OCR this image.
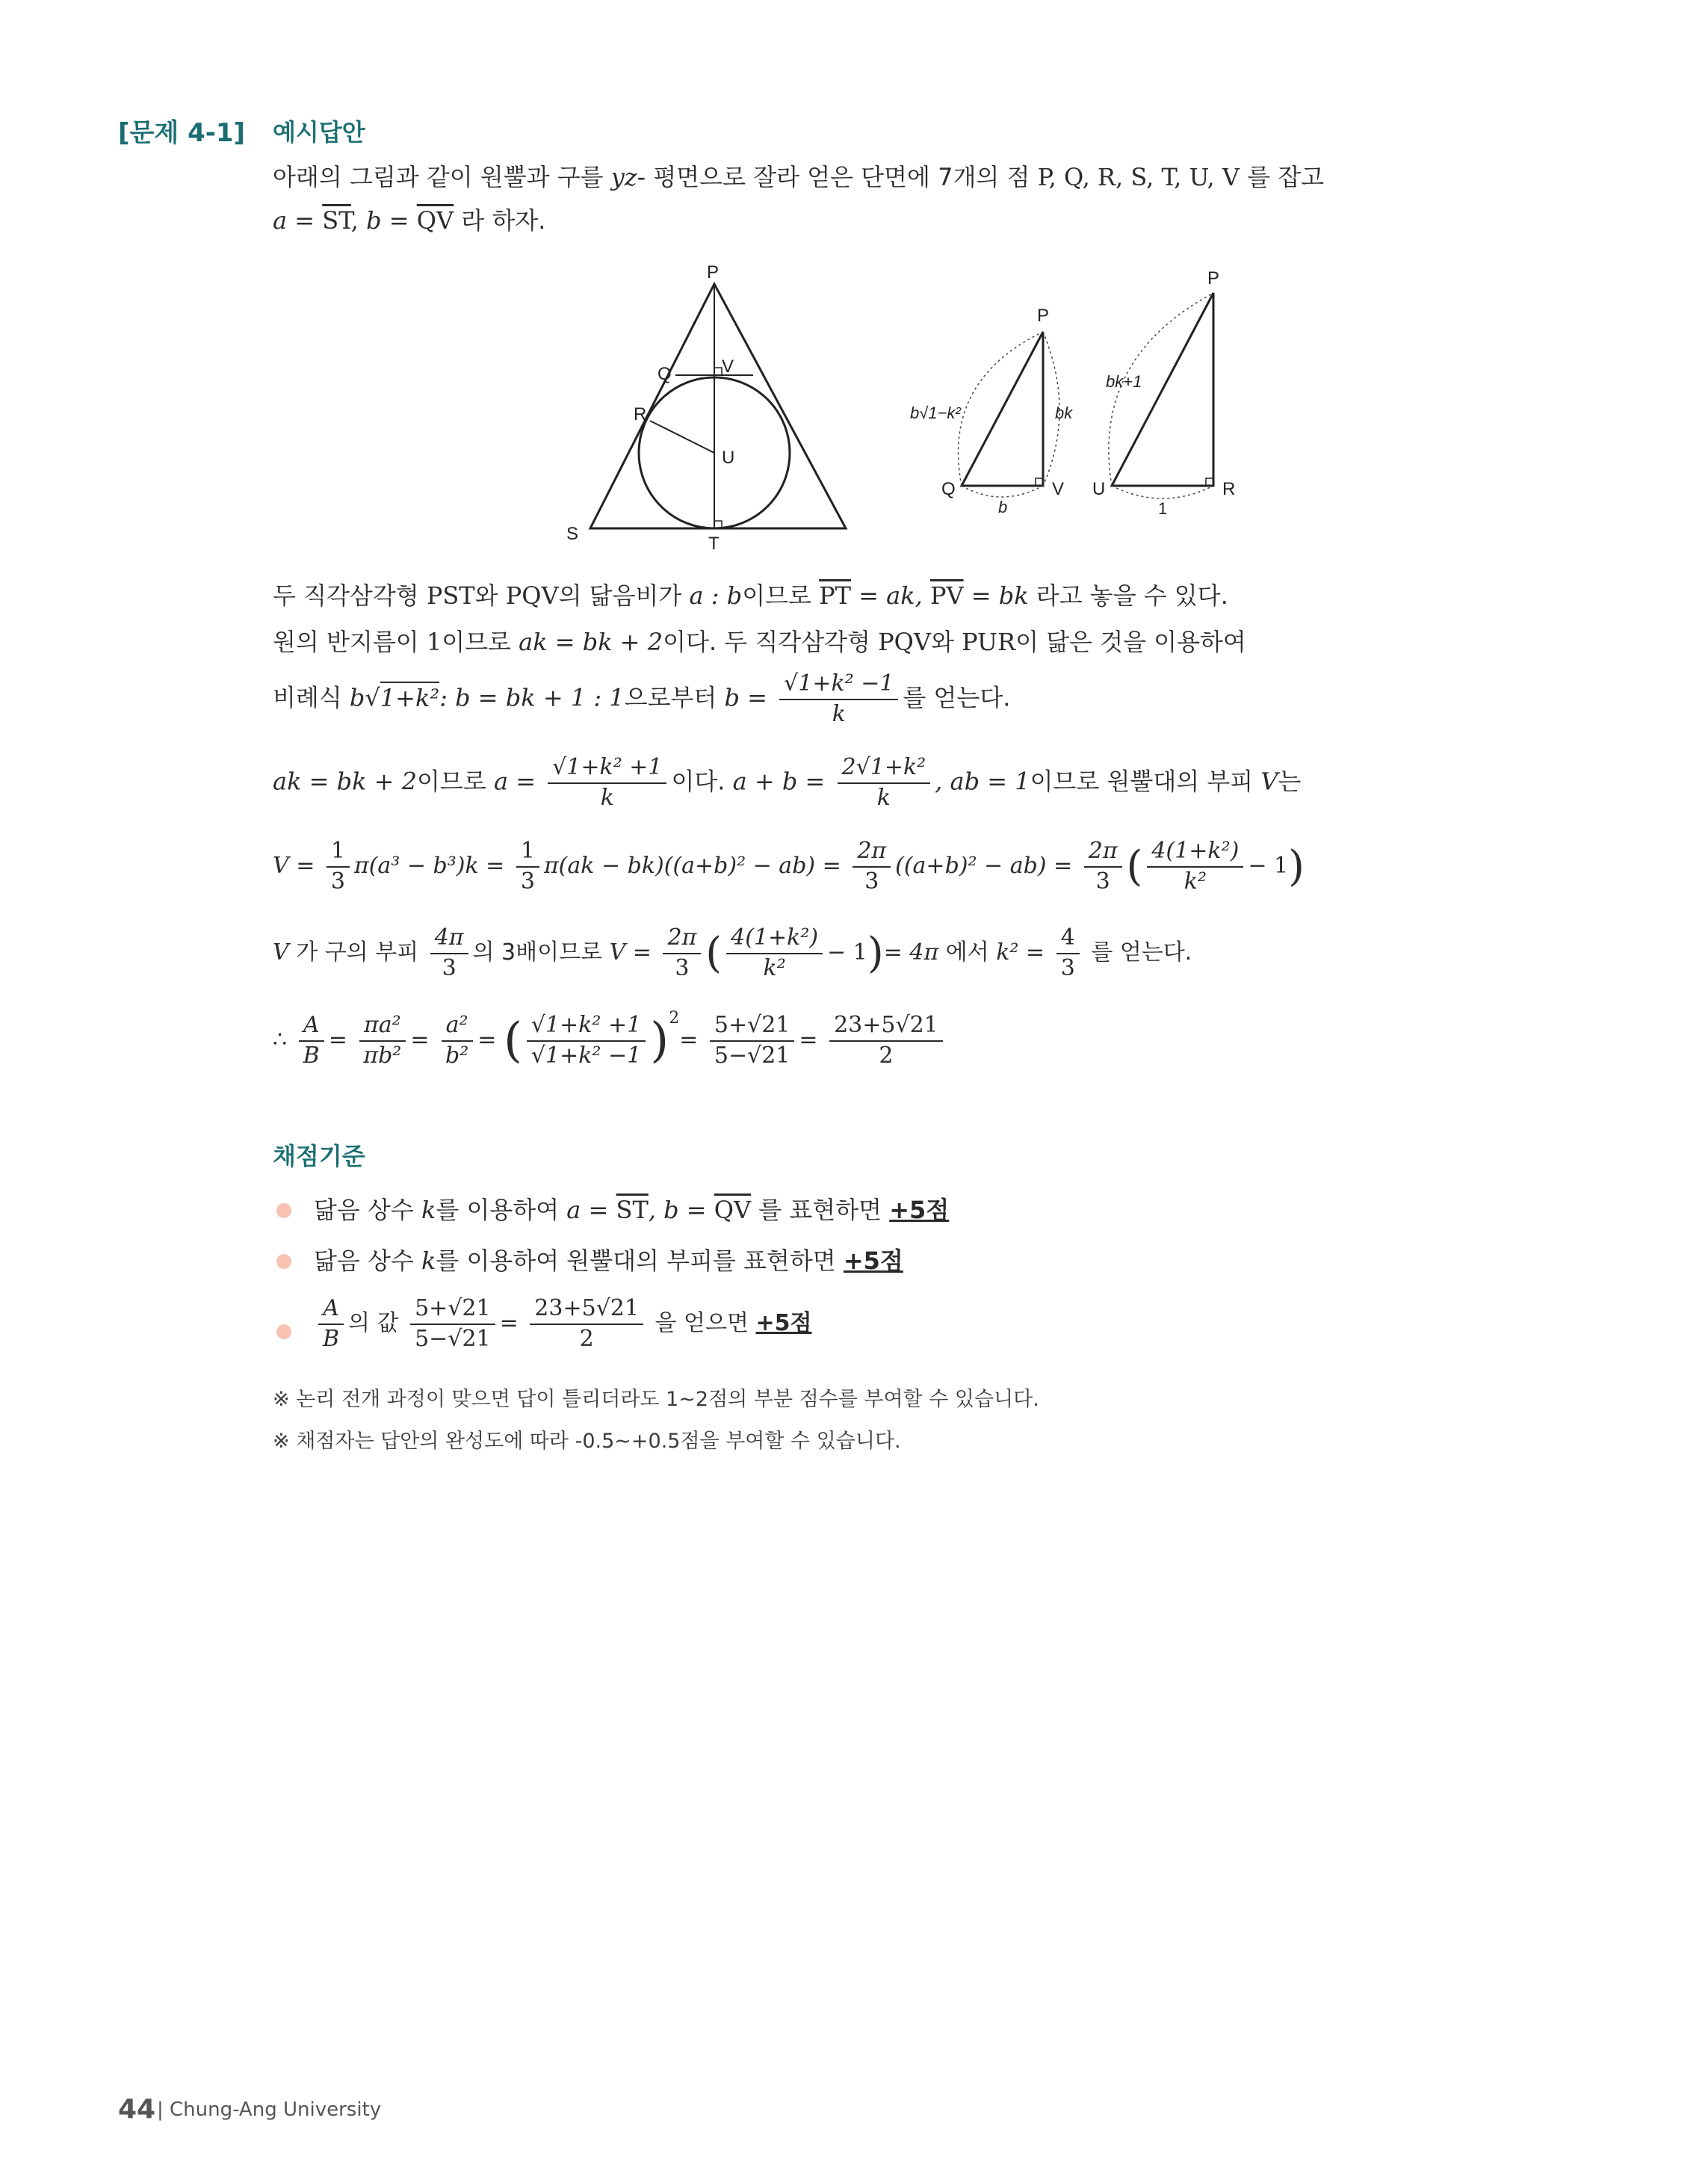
[문제 4-1] 예시답안
아래의 그림과 같이 원뿔과 구를 yz- 평면으로 잘라 얻은 단면에 7개의 점 P, Q, R, S, T, U, V 를 잡고
$a = \overline{ST}$, $b = \overline{QV}$ 라 하자.
P
Q	V
R
U
S	T
P
Q	V
b√1−k²	bk
b
P
U	R
bk+1
1
두 직각삼각형 PST와 PQV의 닮음비가 a : b이므로 $\overline{PT}$ = ak, $\overline{PV}$ = bk 라고 놓을 수 있다.
원의 반지름이 1이므로 ak = bk + 2이다. 두 직각삼각형 PQV와 PUR이 닮은 것을 이용하여
비례식 b√1+k²: b = bk + 1 : 1으로부터 $b = \frac{\text{√1+k² −1}}{k}$ 를 얻는다.
ak = bk + 2이므로 $a = \frac{\text{√1+k² +1}}{k}$ 이다. $a + b = \frac{\text{2√1+k²}}{k}$ , ab = 1이므로 원뿔대의 부피 V는
$V = \frac{1}{3} \pi(a^3 - b^3)k = \frac{1}{3} \pi(ak - bk)((a+b)^2 - ab) = \frac{2\pi}{3} ((a+b)^2 - ab) = \frac{2\pi}{3}$ ( $\frac{\text{4(1+k²)}}{\text{k²}} - 1$)
V 가 구의 부피 $\frac{4\pi}{3}$ 의 3배이므로 $V = \frac{2\pi}{3}$ ( $\frac{\text{4(1+k²)}}{\text{k²}} - 1)= 4\pi$ 에서 $k^2 = \frac{4}{3}$ 를 얻는다.
∴ $\frac{A}{B} = \frac{\text{πa²}}{\text{πb²}} = \frac{\text{a²}}{\text{b²}}$ = ( $\frac{\text{√1+k² +1}}{\text{√1+k² −1}} )^2= \frac{5+√21}{5-√21} = \frac{23+5√21}{2}$
채점기준
닮음 상수 k를 이용하여 $a = \overline{ST}$, $b = \overline{QV}$ 를 표현하면 +5점
닮음 상수 k를 이용하여 원뿔대의 부피를 표현하면 +5점
$\frac{A}{B}$ 의 값 $\frac{5+√21}{5-√21} = \frac{23+5√21}{2}$ 을 얻으면 +5점
※ 논리 전개 과정이 맞으면 답이 틀리더라도 1~2점의 부분 점수를 부여할 수 있습니다.
※ 채점자는 답안의 완성도에 따라 -0.5~+0.5점을 부여할 수 있습니다.
44 | Chung-Ang University
